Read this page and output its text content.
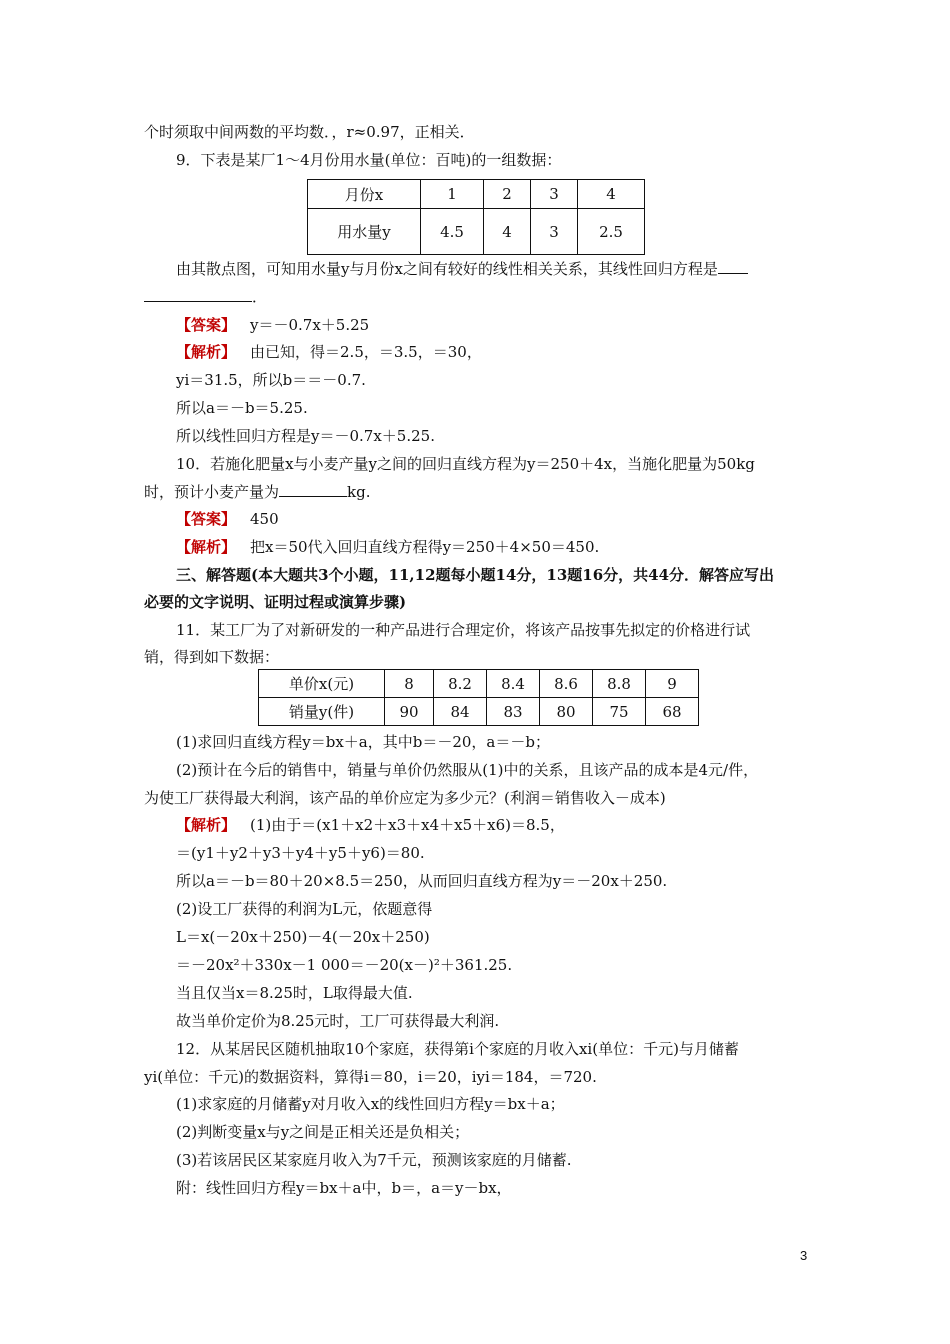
个时须取中间两数的平均数．，r≈0.97，正相关．
9．下表是某厂1～4月份用水量(单位：百吨)的一组数据：
月份x	1	2	3	4
用水量y	4.5	4	3	2.5
由其散点图，可知用水量y与月份x之间有较好的线性相关关系，其线性回归方程是
．
【答案】 y＝－0.7x＋5.25
【解析】 由已知，得＝2.5，＝3.5，＝30，
yi＝31.5，所以b＝＝－0.7.
所以a＝－b＝5.25.
所以线性回归方程是y＝－0.7x＋5.25.
10．若施化肥量x与小麦产量y之间的回归直线方程为y＝250＋4x，当施化肥量为50kg
时，预计小麦产量为	kg.
【答案】 450
【解析】 把x＝50代入回归直线方程得y＝250＋4×50＝450.
三、解答题(本大题共3个小题，11,12题每小题14分，13题16分，共44分．解答应写出
必要的文字说明、证明过程或演算步骤)
11．某工厂为了对新研发的一种产品进行合理定价，将该产品按事先拟定的价格进行试
销，得到如下数据：
单价x(元)	8	8.2	8.4	8.6	8.8	9
销量y(件)	90	84	83	80	75	68
(1)求回归直线方程y＝bx＋a，其中b＝－20，a＝－b；
(2)预计在今后的销售中，销量与单价仍然服从(1)中的关系，且该产品的成本是4元/件，
为使工厂获得最大利润，该产品的单价应定为多少元？(利润＝销售收入－成本)
【解析】 (1)由于＝(x1＋x2＋x3＋x4＋x5＋x6)＝8.5，
＝(y1＋y2＋y3＋y4＋y5＋y6)＝80.
所以a＝－b＝80＋20×8.5＝250，从而回归直线方程为y＝－20x＋250.
(2)设工厂获得的利润为L元，依题意得
L＝x(－20x＋250)－4(－20x＋250)
＝－20x²＋330x－1 000＝－20(x－)²＋361.25.
当且仅当x＝8.25时，L取得最大值.
故当单价定价为8.25元时，工厂可获得最大利润.
12．从某居民区随机抽取10个家庭，获得第i个家庭的月收入xi(单位：千元)与月储蓄
yi(单位：千元)的数据资料，算得i＝80，i＝20，iyi＝184，＝720.
(1)求家庭的月储蓄y对月收入x的线性回归方程y＝bx＋a；
(2)判断变量x与y之间是正相关还是负相关；
(3)若该居民区某家庭月收入为7千元，预测该家庭的月储蓄.
附：线性回归方程y＝bx＋a中，b＝，a＝y－bx，
3
